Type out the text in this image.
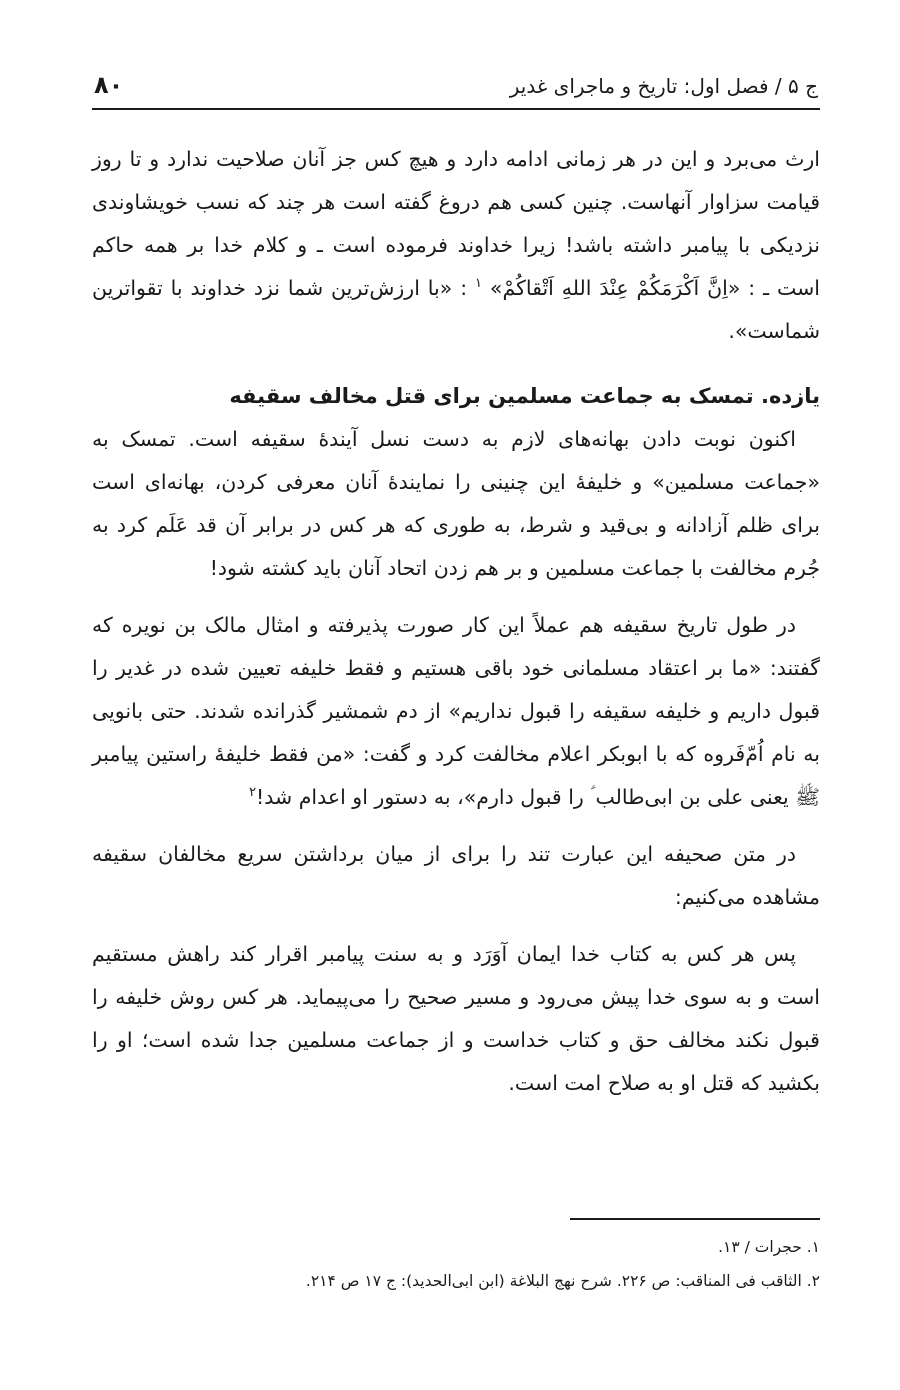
ج ۵ / فصل اول: تاریخ و ماجرای غدیر
۸۰

ارث می‌برد و این در هر زمانی ادامه دارد و هیچ کس جز آنان صلاحیت ندارد و تا روز قیامت سزاوار آنهاست. چنین کسی هم دروغ گفته است هر چند که نسب خویشاوندی نزدیکی با پیامبر داشته باشد! زیرا خداوند فرموده است ـ و کلام خدا بر همه حاکم است ـ : «اِنَّ اَکْرَمَکُمْ عِنْدَ اللهِ اَتْقاکُمْ» $^۱$ : «با ارزش‌ترین شما نزد خداوند با تقواترین شماست».

یازده. تمسک به جماعت مسلمین برای قتل مخالف سقیفه

اکنون نوبت دادن بهانه‌های لازم به دست نسل آیندهٔ سقیفه است. تمسک به «جماعت مسلمین» و خلیفهٔ این چنینی را نمایندهٔ آنان معرفی کردن، بهانه‌ای است برای ظلم آزادانه و بی‌قید و شرط، به طوری که هر کس در برابر آن قد عَلَم کرد به جُرم مخالفت با جماعت مسلمین و بر هم زدن اتحاد آنان باید کشته شود!

در طول تاریخ سقیفه هم عملاً این کار صورت پذیرفته و امثال مالک بن نویره که گفتند: «ما بر اعتقاد مسلمانی خود باقی هستیم و فقط خلیفه تعیین شده در غدیر را قبول داریم و خلیفه سقیفه را قبول نداریم» از دم شمشیر گذرانده شدند. حتی بانویی به نام اُمّ‌فَروه که با ابوبکر اعلام مخالفت کرد و گفت: «من فقط خلیفهٔ راستین پیامبر ﷺ یعنی علی بن ابی‌طالب ؑ را قبول دارم»، به دستور او اعدام شد!$^۲$

در متن صحیفه این عبارت تند را برای از میان برداشتن سریع مخالفان سقیفه مشاهده می‌کنیم:

پس هر کس به کتاب خدا ایمان آوَرَد و به سنت پیامبر اقرار کند راهش مستقیم است و به سوی خدا پیش می‌رود و مسیر صحیح را می‌پیماید. هر کس روش خلیفه را قبول نکند مخالف حق و کتاب خداست و از جماعت مسلمین جدا شده است؛ او را بکشید که قتل او به صلاح امت است.

۱. حجرات / ۱۳.
۲. الثاقب فی المناقب: ص ۲۲۶. شرح نهج البلاغة (ابن ابی‌الحدید): ج ۱۷ ص ۲۱۴.
